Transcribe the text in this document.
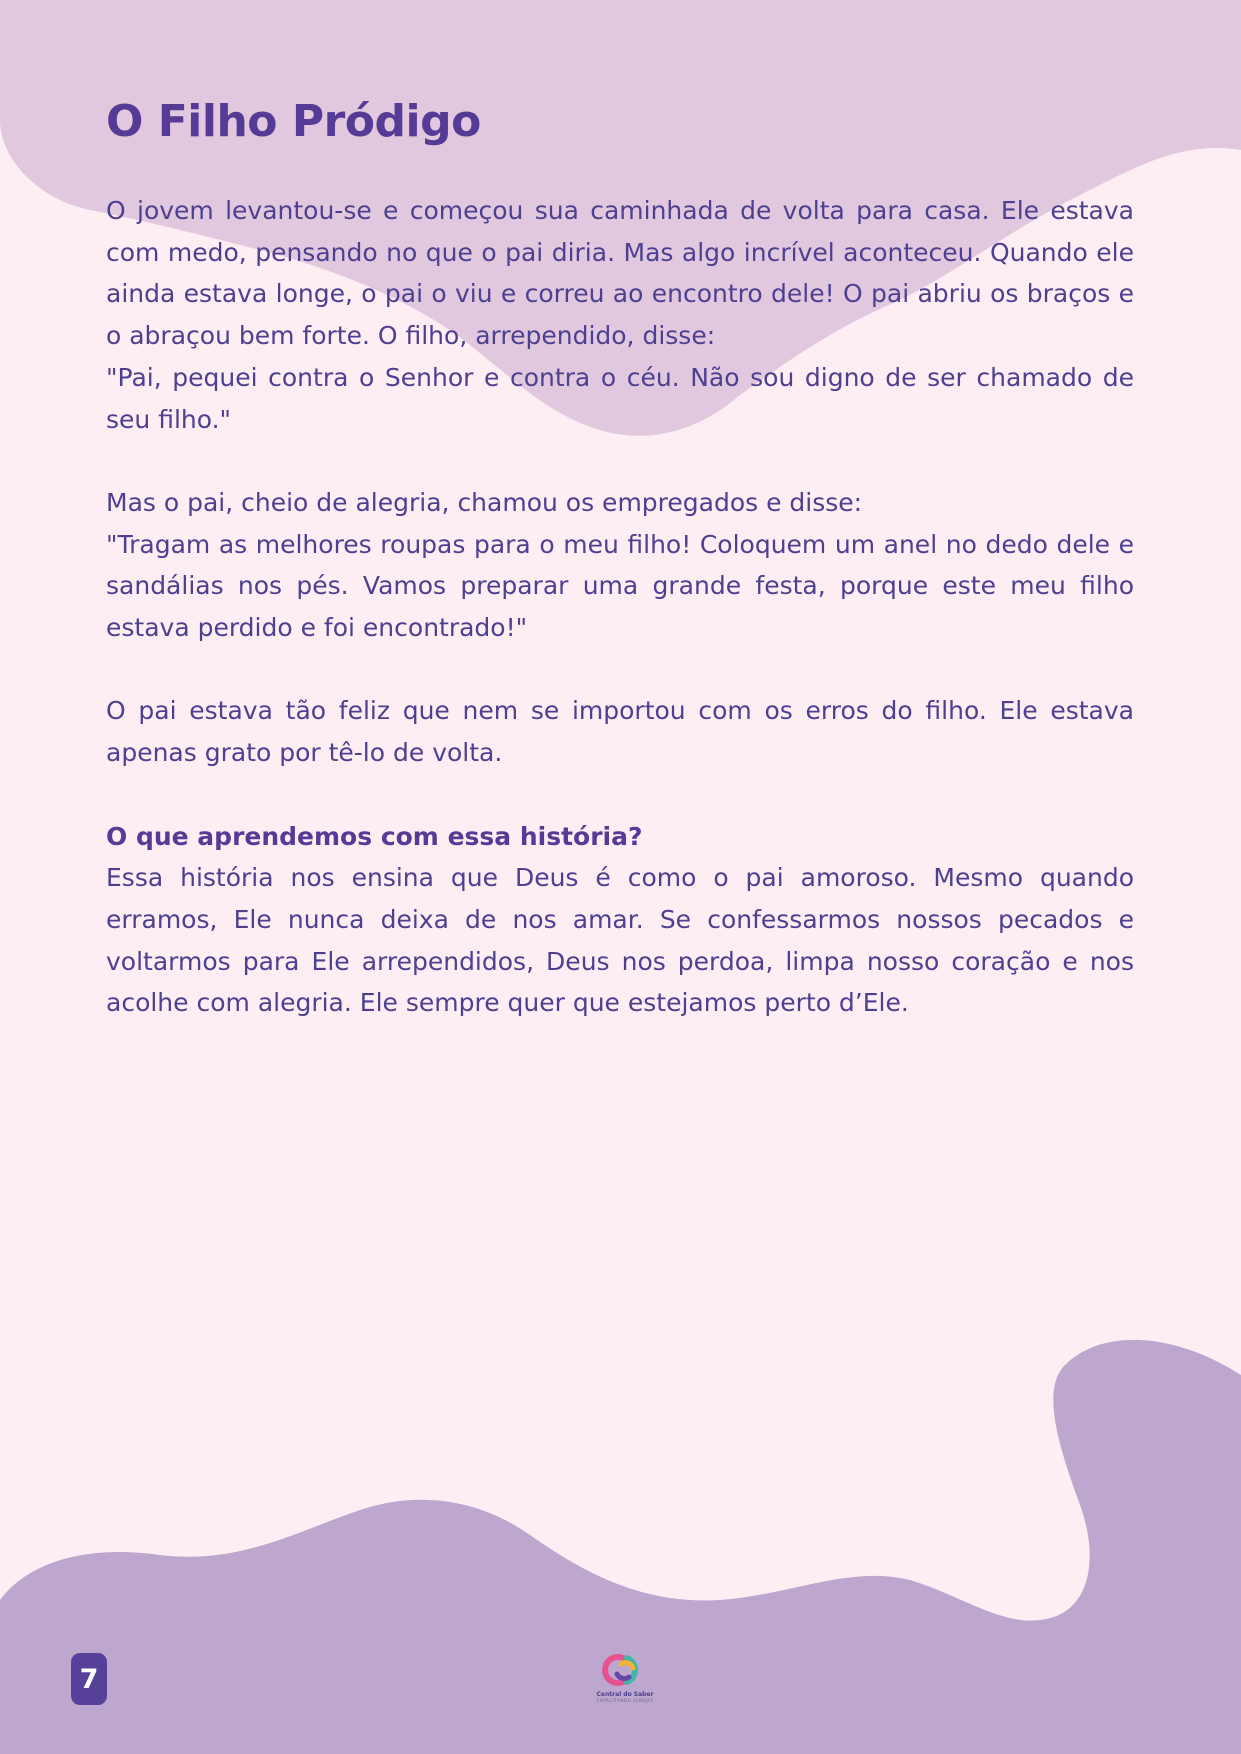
O Filho Pródigo

O jovem levantou-se e começou sua caminhada de volta para casa. Ele estava com medo, pensando no que o pai diria. Mas algo incrível aconteceu. Quando ele ainda estava longe, o pai o viu e correu ao encontro dele! O pai abriu os braços e o abraçou bem forte. O filho, arrependido, disse:
"Pai, pequei contra o Senhor e contra o céu. Não sou digno de ser chamado de seu filho."

Mas o pai, cheio de alegria, chamou os empregados e disse:
"Tragam as melhores roupas para o meu filho! Coloquem um anel no dedo dele e sandálias nos pés. Vamos preparar uma grande festa, porque este meu filho estava perdido e foi encontrado!"

O pai estava tão feliz que nem se importou com os erros do filho. Ele estava apenas grato por tê-lo de volta.

O que aprendemos com essa história?

Essa história nos ensina que Deus é como o pai amoroso. Mesmo quando erramos, Ele nunca deixa de nos amar. Se confessarmos nossos pecados e voltarmos para Ele arrependidos, Deus nos perdoa, limpa nosso coração e nos acolhe com alegria. Ele sempre quer que estejamos perto d’Ele.

7	Central do Saber
CAPACITANDO IGREJAS
